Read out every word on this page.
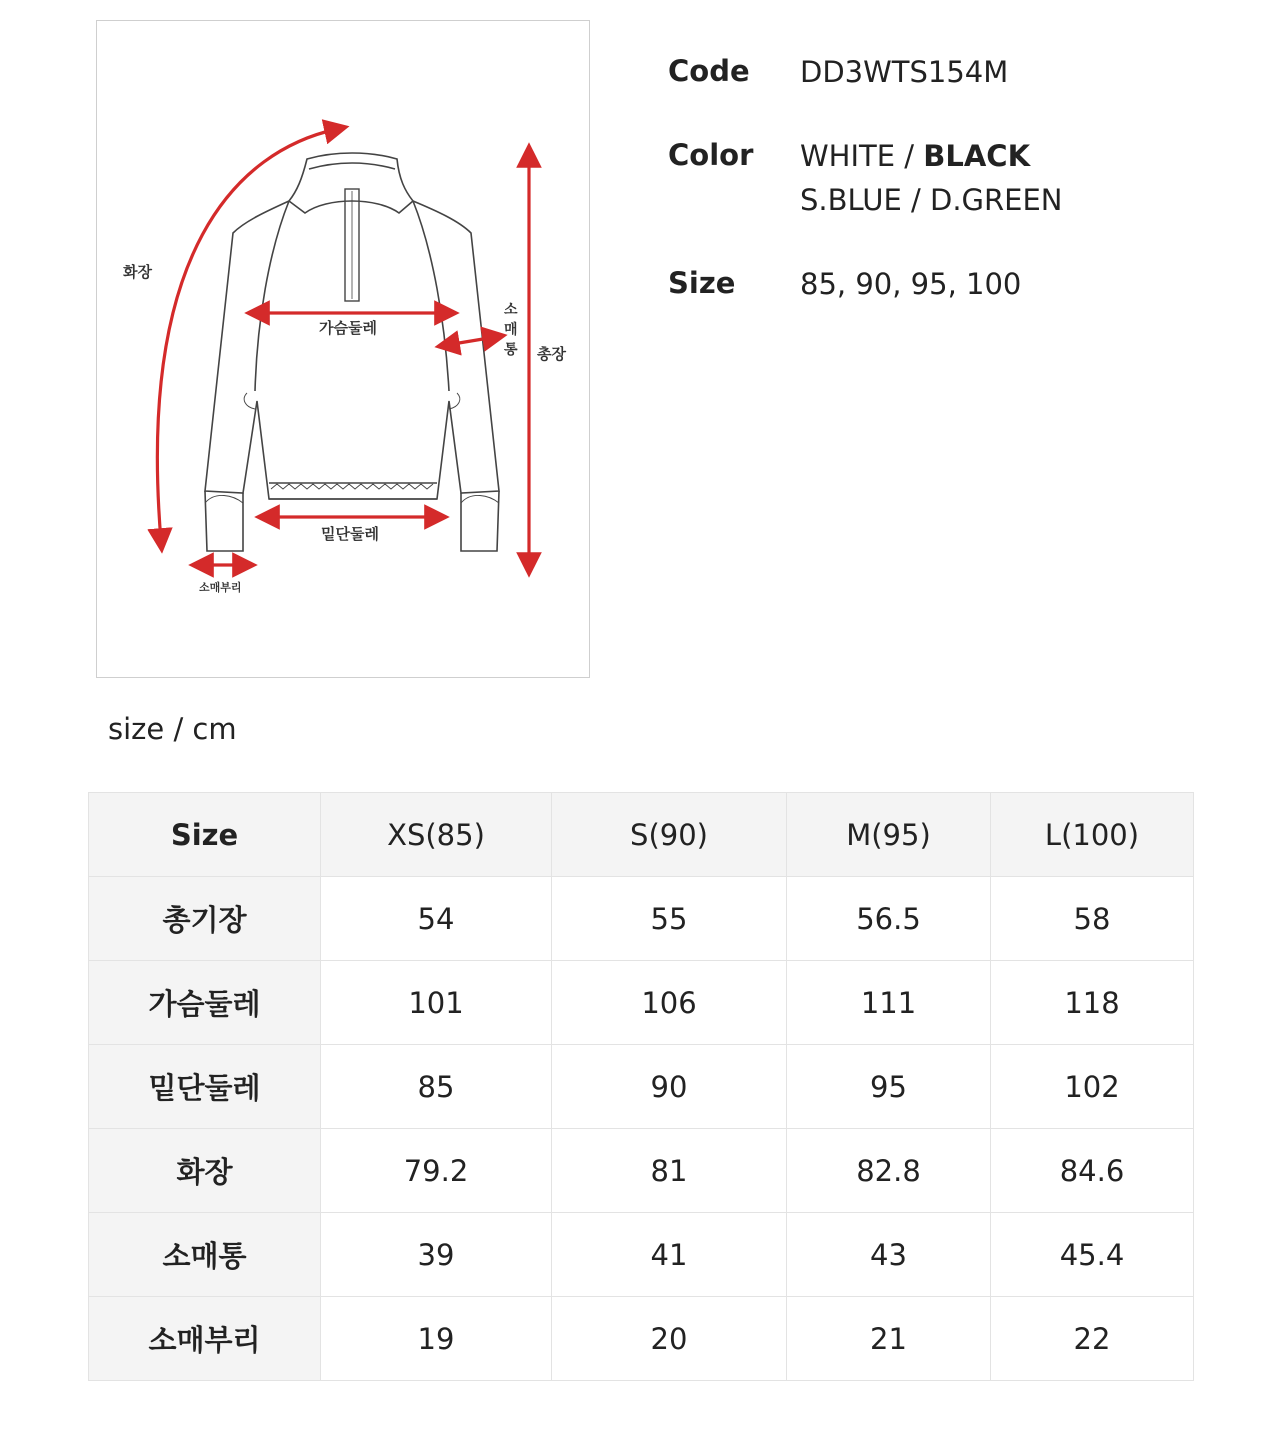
화장
가슴둘레
소
매
통 총장
밑단둘레
소매부리
Code DD3WTS154M
Color WHITE / BLACK
S.BLUE / D.GREEN
Size 85, 90, 95, 100
size / cm
Size	XS(85)	S(90)	M(95)	L(100)
총기장	54	55	56.5	58
가슴둘레	101	106	111	118
밑단둘레	85	90	95	102
화장	79.2	81	82.8	84.6
소매통	39	41	43	45.4
소매부리	19	20	21	22
